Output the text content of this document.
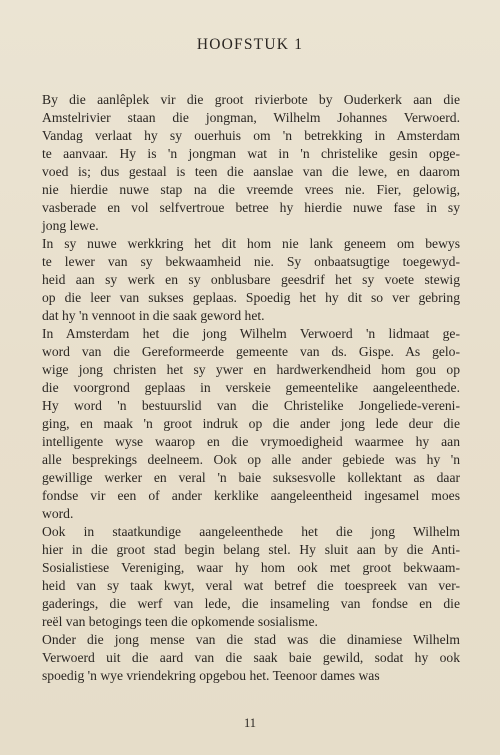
HOOFSTUK 1

By die aanlêplek vir die groot rivierbote by Ouderkerk aan die
Amstelrivier staan die jongman, Wilhelm Johannes Verwoerd.
Vandag verlaat hy sy ouerhuis om 'n betrekking in Amsterdam
te aanvaar. Hy is 'n jongman wat in 'n christelike gesin opge-
voed is; dus gestaal is teen die aanslae van die lewe, en daarom
nie hierdie nuwe stap na die vreemde vrees nie. Fier, gelowig,
vasberade en vol selfvertroue betree hy hierdie nuwe fase in sy
jong lewe.

In sy nuwe werkkring het dit hom nie lank geneem om bewys
te lewer van sy bekwaamheid nie. Sy onbaatsugtige toegewyd-
heid aan sy werk en sy onblusbare geesdrif het sy voete stewig
op die leer van sukses geplaas. Spoedig het hy dit so ver gebring
dat hy 'n vennoot in die saak geword het.

In Amsterdam het die jong Wilhelm Verwoerd 'n lidmaat ge-
word van die Gereformeerde gemeente van ds. Gispe. As gelo-
wige jong christen het sy ywer en hardwerkendheid hom gou op
die voorgrond geplaas in verskeie gemeentelike aangeleenthede.
Hy word 'n bestuurslid van die Christelike Jongeliede-vereni-
ging, en maak 'n groot indruk op die ander jong lede deur die
intelligente wyse waarop en die vrymoedigheid waarmee hy aan
alle besprekings deelneem. Ook op alle ander gebiede was hy 'n
gewillige werker en veral 'n baie suksesvolle kollektant as daar
fondse vir een of ander kerklike aangeleentheid ingesamel moes
word.

Ook in staatkundige aangeleenthede het die jong Wilhelm
hier in die groot stad begin belang stel. Hy sluit aan by die Anti-
Sosialistiese Vereniging, waar hy hom ook met groot bekwaam-
heid van sy taak kwyt, veral wat betref die toespreek van ver-
gaderings, die werf van lede, die insameling van fondse en die
reël van betogings teen die opkomende sosialisme.

Onder die jong mense van die stad was die dinamiese Wilhelm
Verwoerd uit die aard van die saak baie gewild, sodat hy ook
spoedig 'n wye vriendekring opgebou het. Teenoor dames was

11
